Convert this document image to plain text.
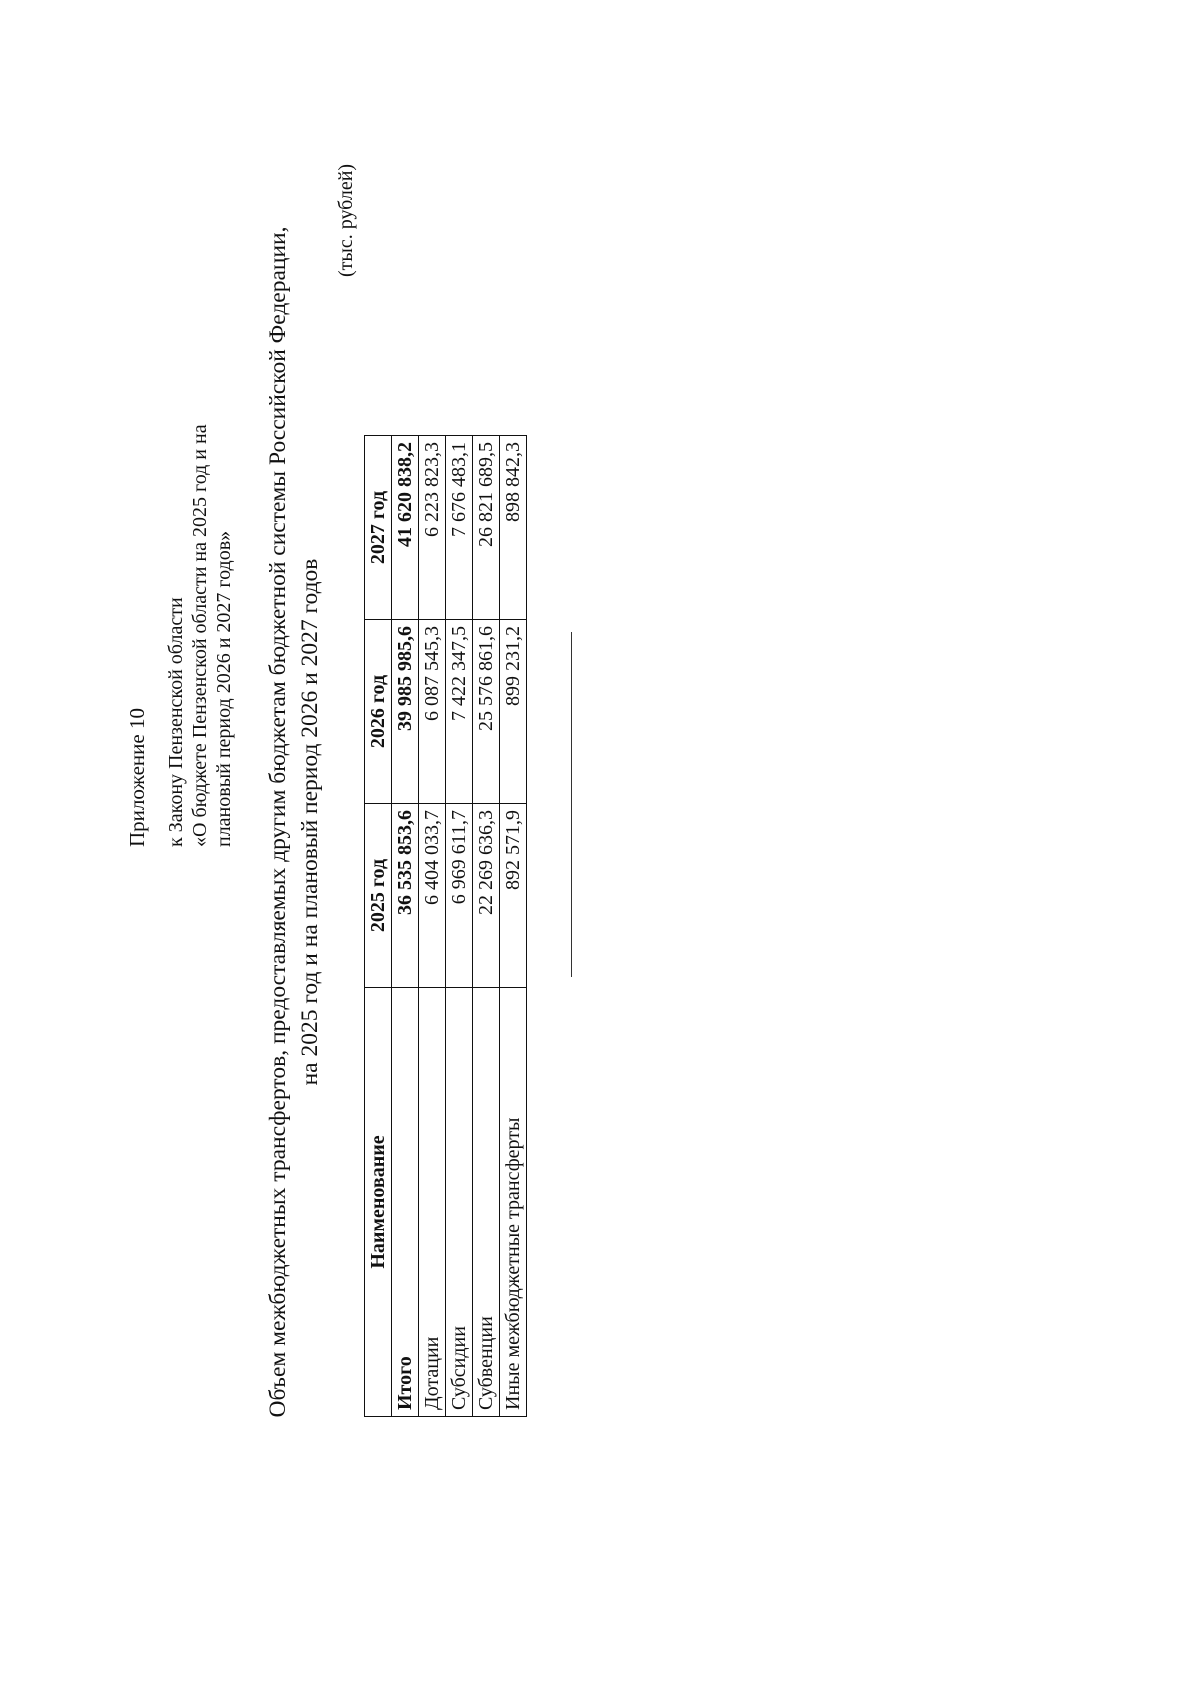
Приложение 10 к Закону Пензенской области «О бюджете Пензенской области на 2025 год и на плановый период 2026 и 2027 годов» Объем межбюджетных трансфертов, предоставляемых другим бюджетам бюджетной системы Российской Федерации, на 2025 год и на плановый период 2026 и 2027 годов
(тыс. рублей)
Наименование	2025 год	2026 год	2027 год
Итого	36 535 853,6	39 985 985,6	41 620 838,2
Дотации	6 404 033,7	6 087 545,3	6 223 823,3
Субсидии	6 969 611,7	7 422 347,5	7 676 483,1
Субвенции	22 269 636,3	25 576 861,6	26 821 689,5
Иные межбюджетные трансферты	892 571,9	899 231,2	898 842,3
